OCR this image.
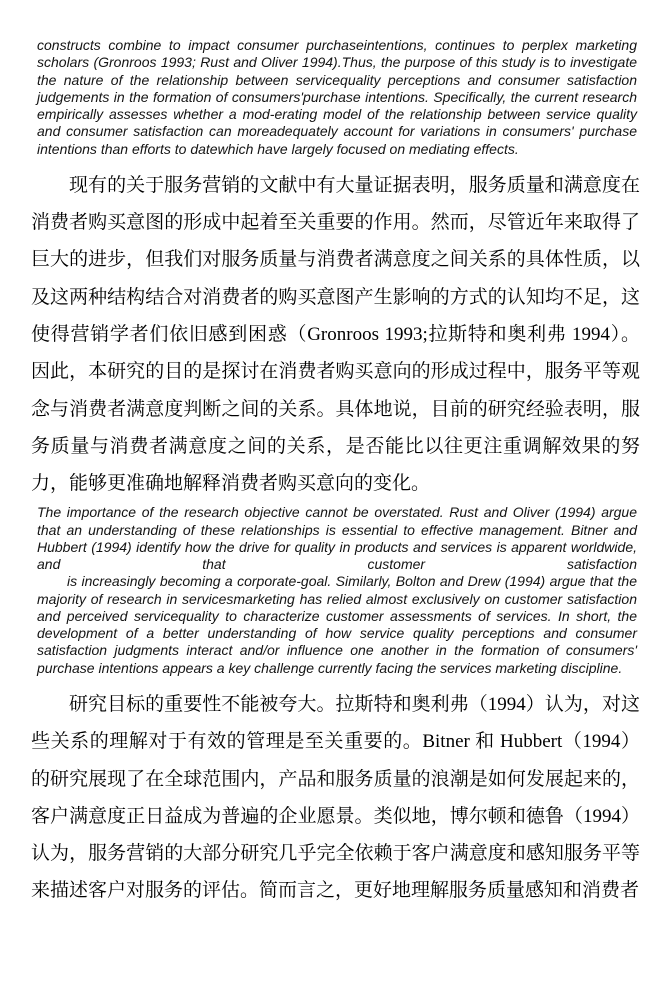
constructs combine to impact consumer purchaseintentions, continues to perplex marketing scholars (Gronroos 1993; Rust and Oliver 1994).Thus, the purpose of this study is to investigate the nature of the relationship between servicequality perceptions and consumer satisfaction judgements in the formation of consumers'purchase intentions. Specifically, the current research empirically assesses whether a mod-erating model of the relationship between service quality and consumer satisfaction can moreadequately account for variations in consumers' purchase intentions than efforts to datewhich have largely focused on mediating effects.

现有的关于服务营销的文献中有大量证据表明，服务质量和满意度在消费者购买意图的形成中起着至关重要的作用。然而，尽管近年来取得了巨大的进步，但我们对服务质量与消费者满意度之间关系的具体性质，以及这两种结构结合对消费者的购买意图产生影响的方式的认知均不足，这使得营销学者们依旧感到困惑（Gronroos 1993;拉斯特和奥利弗 1994）。因此，本研究的目的是探讨在消费者购买意向的形成过程中，服务平等观念与消费者满意度判断之间的关系。具体地说，目前的研究经验表明，服务质量与消费者满意度之间的关系，是否能比以往更注重调解效果的努力，能够更准确地解释消费者购买意向的变化。

The importance of the research objective cannot be overstated. Rust and Oliver (1994) argue that an understanding of these relationships is essential to effective management. Bitner and Hubbert (1994) identify how the drive for quality in products and services is apparent worldwide, and that customer satisfaction

is increasingly becoming a corporate-goal. Similarly, Bolton and Drew (1994) argue that the majority of research in servicesmarketing has relied almost exclusively on customer satisfaction and perceived servicequality to characterize customer assessments of services. In short, the development of a better understanding of how service quality perceptions and consumer satisfaction judgments interact and/or influence one another in the formation of consumers' purchase intentions appears a key challenge currently facing the services marketing discipline.

研究目标的重要性不能被夸大。拉斯特和奥利弗（1994）认为，对这些关系的理解对于有效的管理是至关重要的。Bitner 和 Hubbert（1994）的研究展现了在全球范围内，产品和服务质量的浪潮是如何发展起来的，客户满意度正日益成为普遍的企业愿景。类似地，博尔顿和德鲁（1994）认为，服务营销的大部分研究几乎完全依赖于客户满意度和感知服务平等来描述客户对服务的评估。简而言之，更好地理解服务质量感知和消费者
